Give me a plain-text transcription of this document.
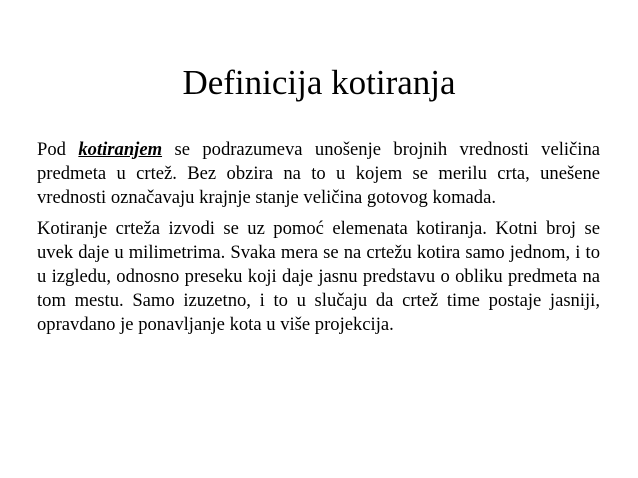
Definicija kotiranja

Pod kotiranjem se podrazumeva unošenje brojnih vrednosti veličina predmeta u crtež. Bez obzira na to u kojem se merilu crta, unešene vrednosti označavaju krajnje stanje veličina gotovog komada.

Kotiranje crteža izvodi se uz pomoć elemenata kotiranja. Kotni broj se uvek daje u milimetrima. Svaka mera se na crtežu kotira samo jednom, i to u izgledu, odnosno preseku koji daje jasnu predstavu o obliku predmeta na tom mestu. Samo izuzetno, i to u slučaju da crtež time postaje jasniji, opravdano je ponavljanje kota u više projekcija.
